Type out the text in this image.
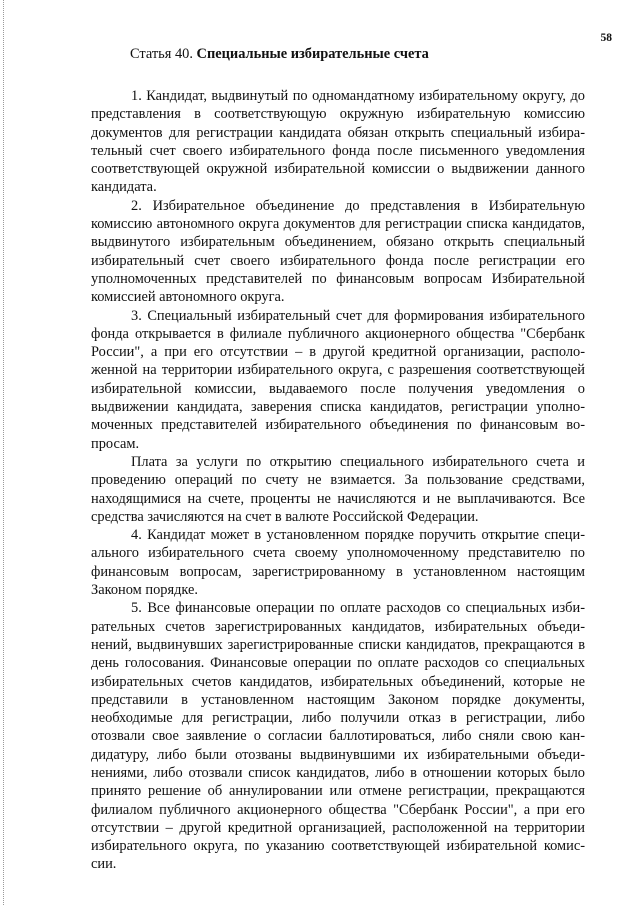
58
Статья 40. Специальные избирательные счета

1. Кандидат, выдвинутый по одномандатному избирательному округу, до представления в соответствующую окружную избирательную комиссию документов для регистрации кандидата обязан открыть специальный избирательный счет своего избирательного фонда после письменного уведомления соответствующей окружной избирательной комиссии о выдвижении данного кандидата.

2. Избирательное объединение до представления в Избирательную комиссию автономного округа документов для регистрации списка кандидатов, выдвинутого избирательным объединением, обязано открыть специальный избирательный счет своего избирательного фонда после регистрации его уполномоченных представителей по финансовым вопросам Избирательной комиссией автономного округа.

3. Специальный избирательный счет для формирования избирательного фонда открывается в филиале публичного акционерного общества "Сбербанк России", а при его отсутствии – в другой кредитной организации, расположенной на территории избирательного округа, с разрешения соответствующей избирательной комиссии, выдаваемого после получения уведомления о выдвижении кандидата, заверения списка кандидатов, регистрации уполномоченных представителей избирательного объединения по финансовым вопросам.

Плата за услуги по открытию специального избирательного счета и проведению операций по счету не взимается. За пользование средствами, находящимися на счете, проценты не начисляются и не выплачиваются. Все средства зачисляются на счет в валюте Российской Федерации.

4. Кандидат может в установленном порядке поручить открытие специального избирательного счета своему уполномоченному представителю по финансовым вопросам, зарегистрированному в установленном настоящим Законом порядке.

5. Все финансовые операции по оплате расходов со специальных избирательных счетов зарегистрированных кандидатов, избирательных объединений, выдвинувших зарегистрированные списки кандидатов, прекращаются в день голосования. Финансовые операции по оплате расходов со специальных избирательных счетов кандидатов, избирательных объединений, которые не представили в установленном настоящим Законом порядке документы, необходимые для регистрации, либо получили отказ в регистрации, либо отозвали свое заявление о согласии баллотироваться, либо сняли свою кандидатуру, либо были отозваны выдвинувшими их избирательными объединениями, либо отозвали список кандидатов, либо в отношении которых было принято решение об аннулировании или отмене регистрации, прекращаются филиалом публичного акционерного общества "Сбербанк России", а при его отсутствии – другой кредитной организацией, расположенной на территории избирательного округа, по указанию соответствующей избирательной комиссии.
